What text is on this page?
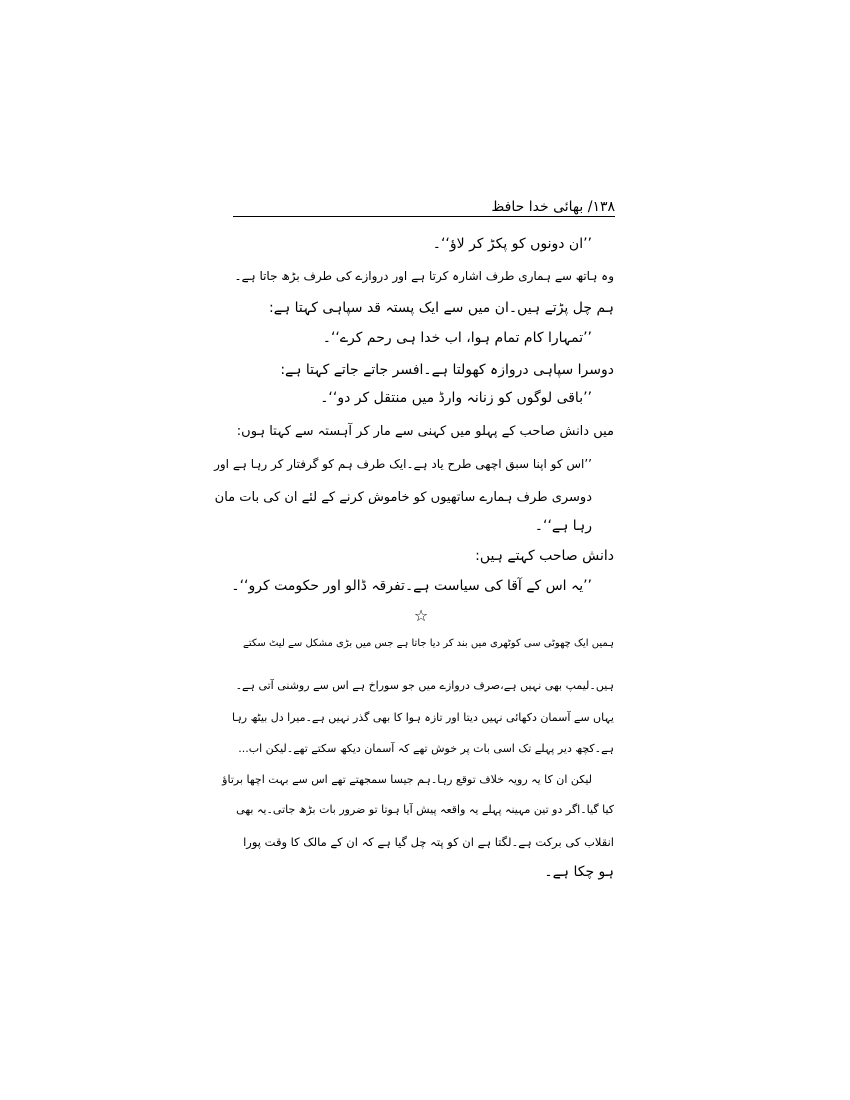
۱۳۸/ بھائی خدا حافظ
’’ان دونوں کو پکڑ کر لاؤ‘‘۔
وہ ہاتھ سے ہماری طرف اشارہ کرتا ہے اور دروازے کی طرف بڑھ جاتا ہے۔
ہم چل پڑتے ہیں۔ان میں سے ایک پستہ قد سپاہی کہتا ہے:
’’تمہارا کام تمام ہوا، اب خدا ہی رحم کرے‘‘۔
دوسرا سپاہی دروازہ کھولتا ہے۔افسر جاتے جاتے کہتا ہے:
’’باقی لوگوں کو زنانہ وارڈ میں منتقل کر دو‘‘۔
میں دانش صاحب کے پہلو میں کہنی سے مار کر آہستہ سے کہتا ہوں:
’’اس کو اپنا سبق اچھی طرح یاد ہے۔ایک طرف ہم کو گرفتار کر رہا ہے اور
دوسری طرف ہمارے ساتھیوں کو خاموش کرنے کے لئے ان کی بات مان
رہا ہے‘‘۔
دانش صاحب کہتے ہیں:
’’یہ اس کے آقا کی سیاست ہے۔تفرقہ ڈالو اور حکومت کرو‘‘۔
☆
ہمیں ایک چھوٹی سی کوٹھری میں بند کر دیا جاتا ہے جس میں بڑی مشکل سے لیٹ سکتے
ہیں۔لیمپ بھی نہیں ہے،صرف دروازے میں جو سوراخ ہے اس سے روشنی آتی ہے۔
یہاں سے آسمان دکھائی نہیں دیتا اور تازہ ہوا کا بھی گذر نہیں ہے۔میرا دل بیٹھ رہا
ہے۔کچھ دیر پہلے تک اسی بات پر خوش تھے کہ آسمان دیکھ سکتے تھے۔لیکن اب...
لیکن ان کا یہ رویہ خلاف توقع رہا۔ہم جیسا سمجھتے تھے اس سے بہت اچھا برتاؤ
کیا گیا۔اگر دو تین مہینہ پہلے یہ واقعہ پیش آیا ہوتا تو ضرور بات بڑھ جاتی۔یہ بھی
انقلاب کی برکت ہے۔لگتا ہے ان کو پتہ چل گیا ہے کہ ان کے مالک کا وقت پورا
ہو چکا ہے۔
